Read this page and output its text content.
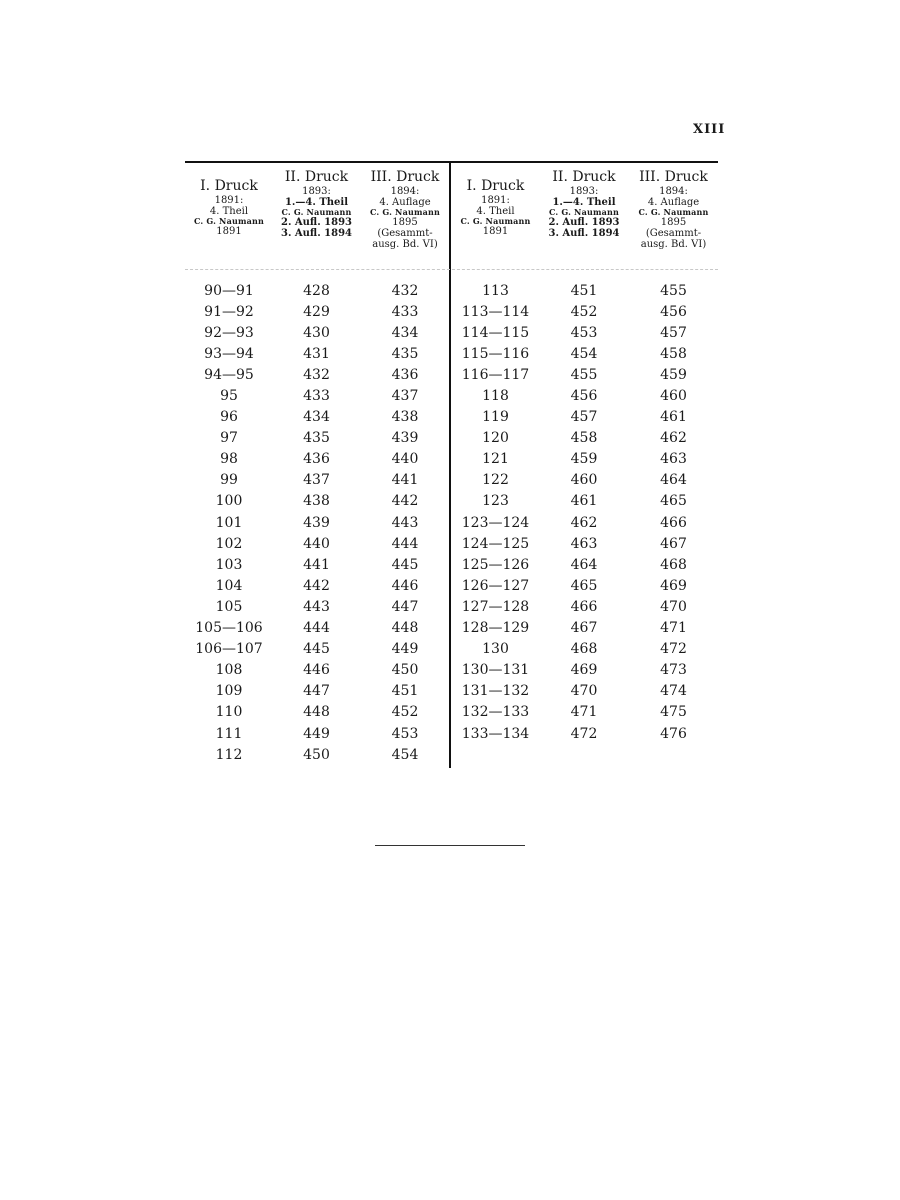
XIII
I. Druck
1891:
4. Theil
C. G. Naumann
1891
II. Druck
1893:
1.—4. Theil
C. G. Naumann
2. Aufl. 1893
3. Aufl. 1894
III. Druck
1894:
4. Auflage
C. G. Naumann
1895
(Gesammt-
ausg. Bd. VI)
90—91	428	432
91—92	429	433
92—93	430	434
93—94	431	435
94—95	432	436
95	433	437
96	434	438
97	435	439
98	436	440
99	437	441
100	438	442
101	439	443
102	440	444
103	441	445
104	442	446
105	443	447
105—106	444	448
106—107	445	449
108	446	450
109	447	451
110	448	452
111	449	453
112	450	454
I. Druck
1891:
4. Theil
C. G. Naumann
1891
II. Druck
1893:
1.—4. Theil
C. G. Naumann
2. Aufl. 1893
3. Aufl. 1894
III. Druck
1894:
4. Auflage
C. G. Naumann
1895
(Gesammt-
ausg. Bd. VI)
113	451	455
113—114	452	456
114—115	453	457
115—116	454	458
116—117	455	459
118	456	460
119	457	461
120	458	462
121	459	463
122	460	464
123	461	465
123—124	462	466
124—125	463	467
125—126	464	468
126—127	465	469
127—128	466	470
128—129	467	471
130	468	472
130—131	469	473
131—132	470	474
132—133	471	475
133—134	472	476
